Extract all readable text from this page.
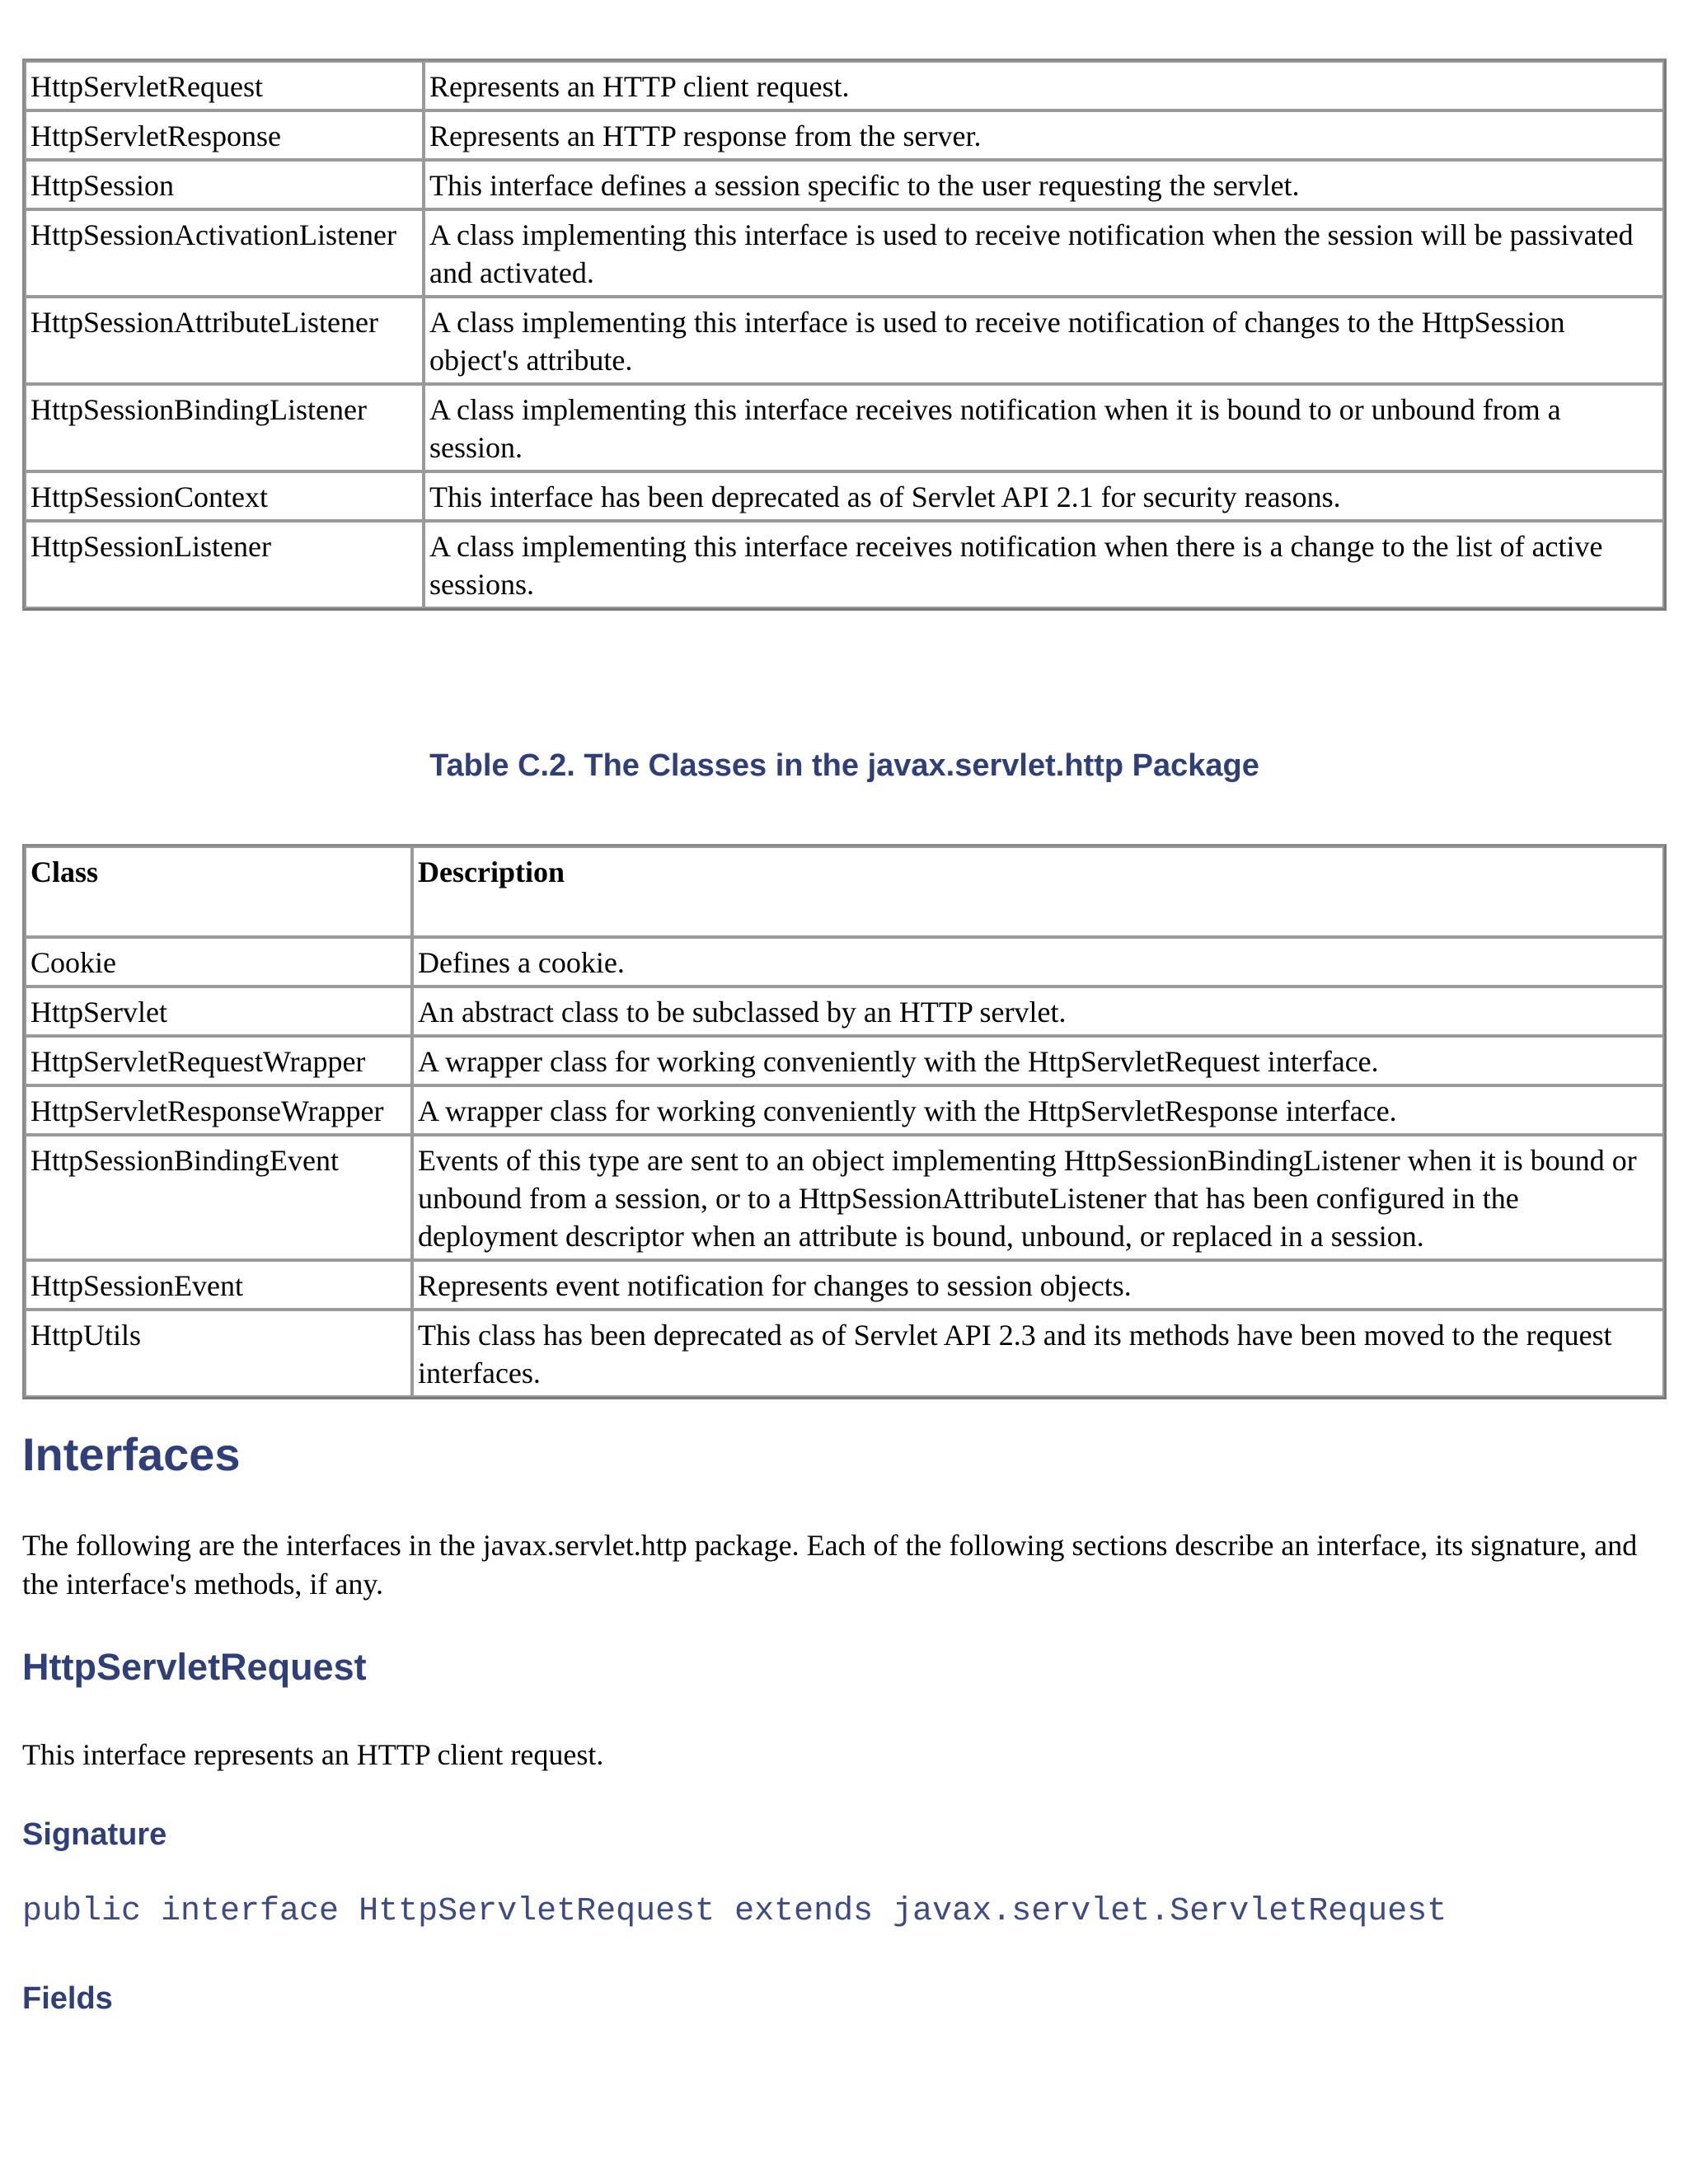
HttpServletRequest	Represents an HTTP client request.
HttpServletResponse	Represents an HTTP response from the server.
HttpSession	This interface defines a session specific to the user requesting the servlet.
HttpSessionActivationListener	A class implementing this interface is used to receive notification when the session will be passivated and activated.
HttpSessionAttributeListener	A class implementing this interface is used to receive notification of changes to the HttpSession object's attribute.
HttpSessionBindingListener	A class implementing this interface receives notification when it is bound to or unbound from a session.
HttpSessionContext	This interface has been deprecated as of Servlet API 2.1 for security reasons.
HttpSessionListener	A class implementing this interface receives notification when there is a change to the list of active sessions.

Table C.2. The Classes in the javax.servlet.http Package

Class	Description
Cookie	Defines a cookie.
HttpServlet	An abstract class to be subclassed by an HTTP servlet.
HttpServletRequestWrapper	A wrapper class for working conveniently with the HttpServletRequest interface.
HttpServletResponseWrapper	A wrapper class for working conveniently with the HttpServletResponse interface.
HttpSessionBindingEvent	Events of this type are sent to an object implementing HttpSessionBindingListener when it is bound or unbound from a session, or to a HttpSessionAttributeListener that has been configured in the deployment descriptor when an attribute is bound, unbound, or replaced in a session.
HttpSessionEvent	Represents event notification for changes to session objects.
HttpUtils	This class has been deprecated as of Servlet API 2.3 and its methods have been moved to the request interfaces.
Interfaces

The following are the interfaces in the javax.servlet.http package. Each of the following sections describe an interface, its signature, and the interface's methods, if any.

HttpServletRequest

This interface represents an HTTP client request.

Signature
public interface HttpServletRequest extends javax.servlet.ServletRequest
Fields
